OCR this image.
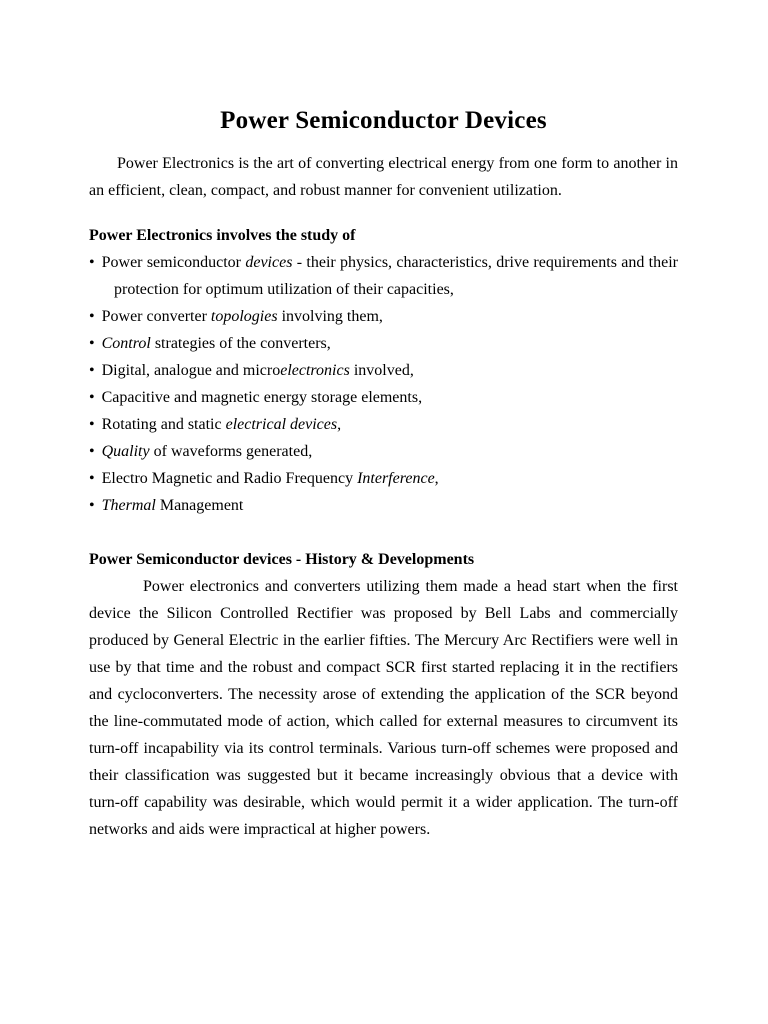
Power Semiconductor Devices

Power Electronics is the art of converting electrical energy from one form to another in an efficient, clean, compact, and robust manner for convenient utilization.

Power Electronics involves the study of
• Power semiconductor devices - their physics, characteristics, drive requirements and their protection for optimum utilization of their capacities,
• Power converter topologies involving them,
• Control strategies of the converters,
• Digital, analogue and microelectronics involved,
• Capacitive and magnetic energy storage elements,
• Rotating and static electrical devices,
• Quality of waveforms generated,
• Electro Magnetic and Radio Frequency Interference,
• Thermal Management
Power Semiconductor devices - History & Developments

Power electronics and converters utilizing them made a head start when the first device the Silicon Controlled Rectifier was proposed by Bell Labs and commercially produced by General Electric in the earlier fifties. The Mercury Arc Rectifiers were well in use by that time and the robust and compact SCR first started replacing it in the rectifiers and cycloconverters. The necessity arose of extending the application of the SCR beyond the line-commutated mode of action, which called for external measures to circumvent its turn-off incapability via its control terminals. Various turn-off schemes were proposed and their classification was suggested but it became increasingly obvious that a device with turn-off capability was desirable, which would permit it a wider application. The turn-off networks and aids were impractical at higher powers.
